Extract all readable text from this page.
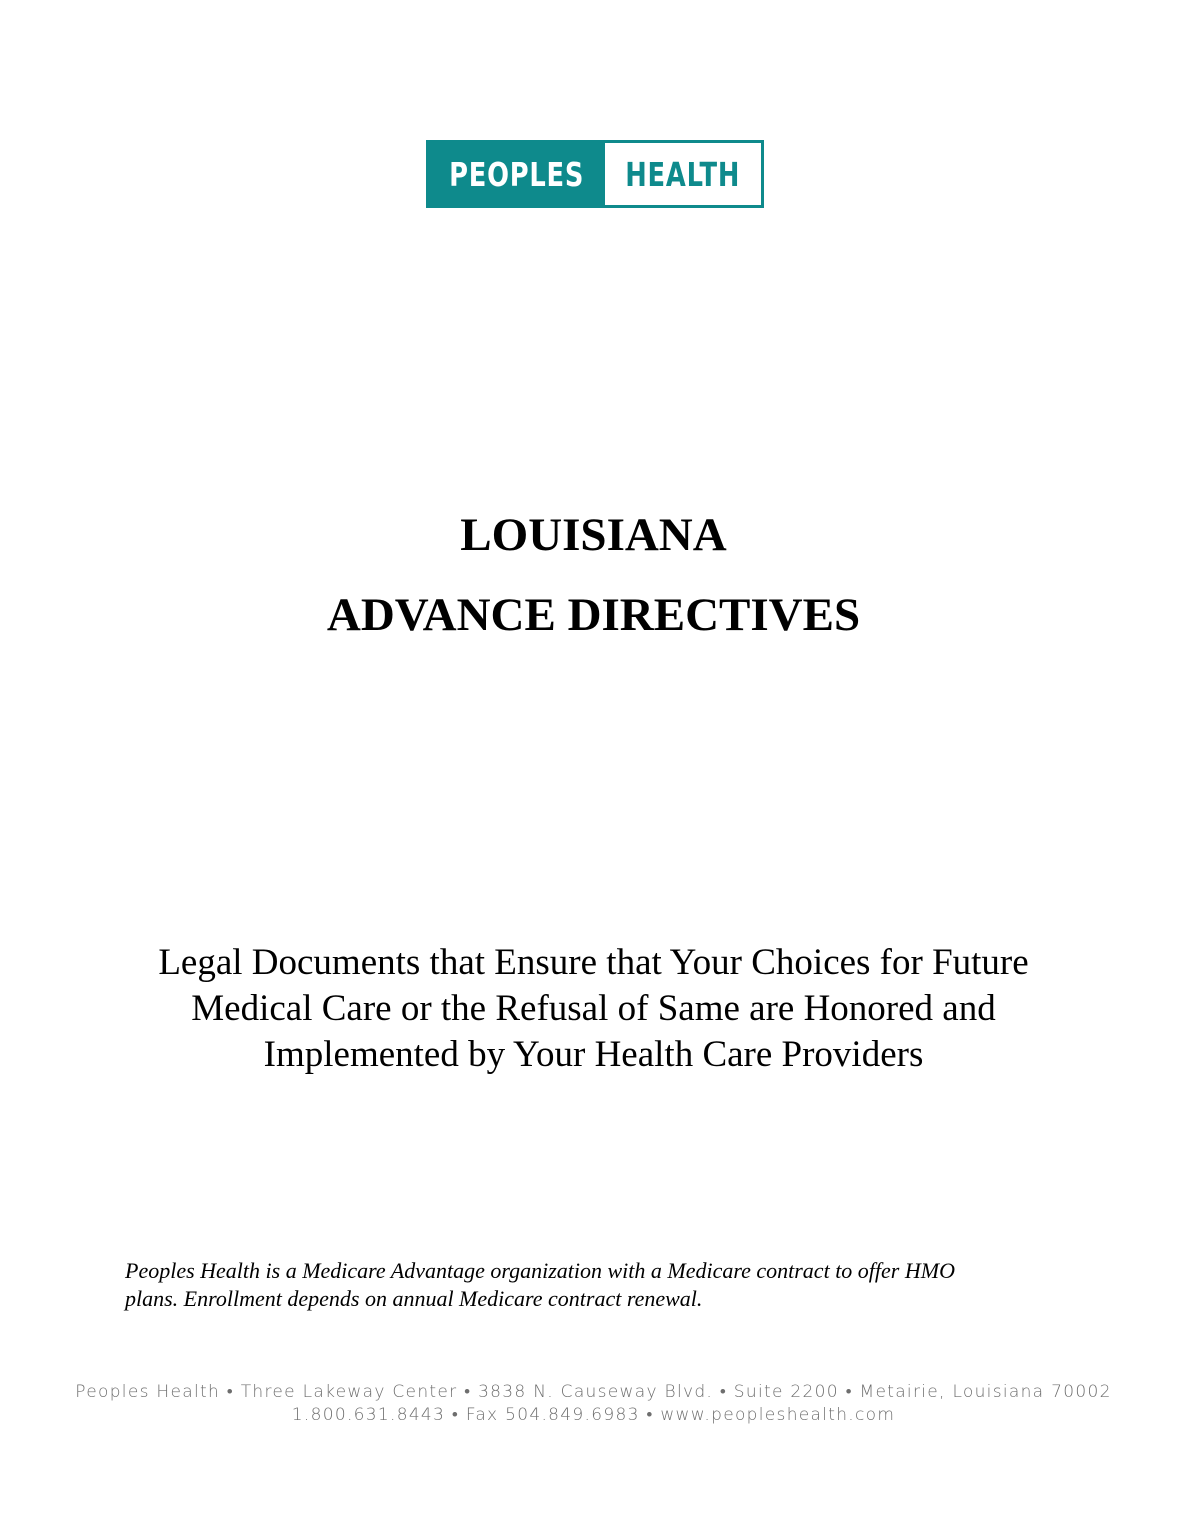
PEOPLES HEALTH
LOUISIANA
ADVANCE DIRECTIVES
Legal Documents that Ensure that Your Choices for Future
Medical Care or the Refusal of Same are Honored and
Implemented by Your Health Care Providers
Peoples Health is a Medicare Advantage organization with a Medicare contract to offer HMO
plans. Enrollment depends on annual Medicare contract renewal.
Peoples Health • Three Lakeway Center • 3838 N. Causeway Blvd. • Suite 2200 • Metairie, Louisiana 70002
1.800.631.8443 • Fax 504.849.6983 • www.peopleshealth.com
